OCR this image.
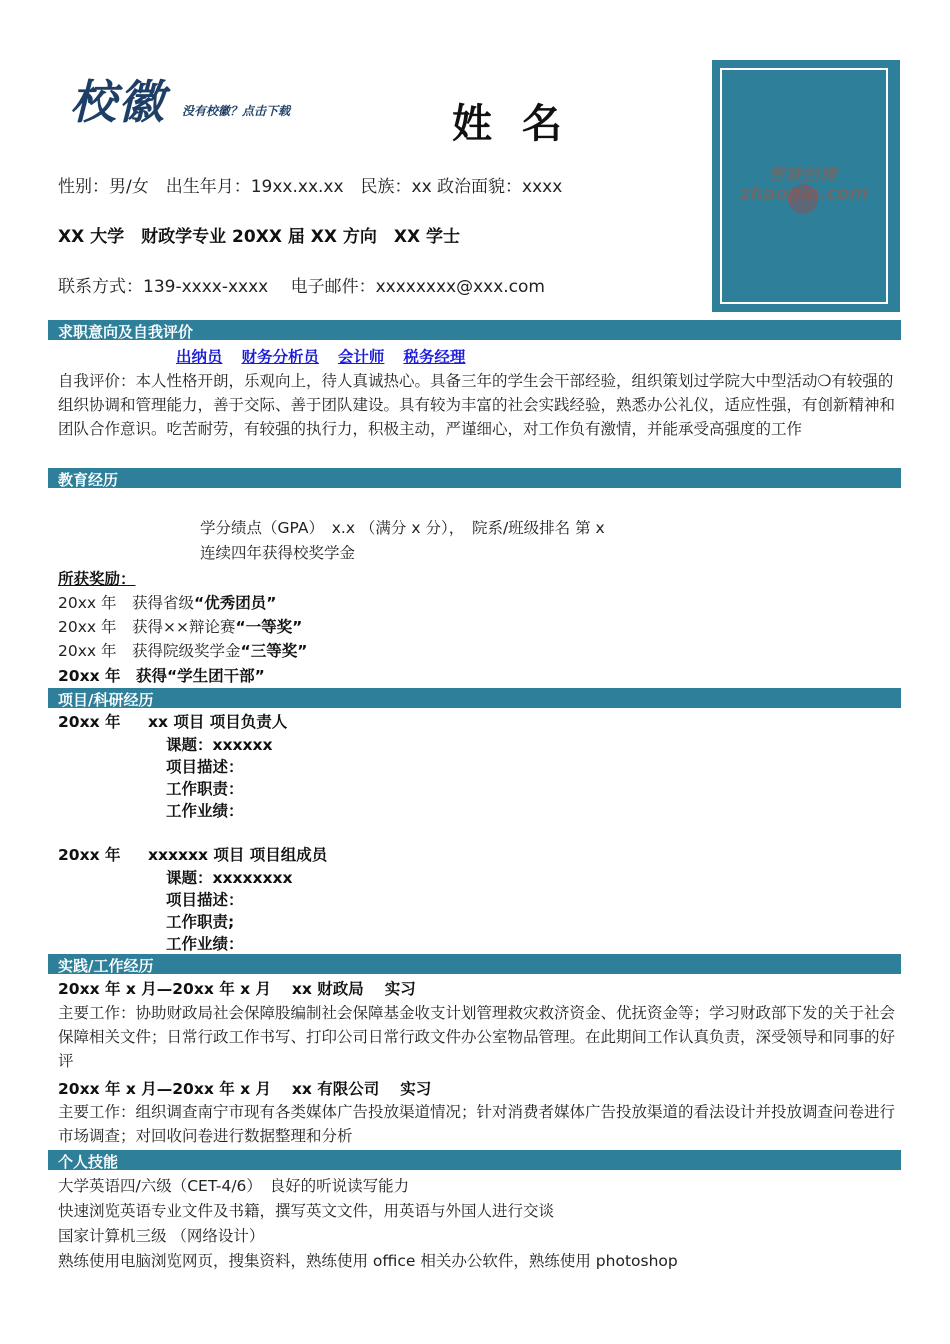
校徽 没有校徽？点击下载	姓 名
性别：男/女　出生年月：19xx.xx.xx　民族：xx 政治面貌：xxxx
XX 大学　财政学专业 20XX 届 XX 方向　XX 学士
联系方式：139-xxxx-xxxx　 电子邮件：xxxxxxxx@xxx.com
智联招聘
zhaopin.com
求职意向及自我评价
出纳员 财务分析员 会计师 税务经理
自我评价：本人性格开朗，乐观向上，待人真诚热心。具备三年的学生会干部经验，组织策划过学院大中型活动❍有较强的组织协调和管理能力，善于交际、善于团队建设。具有较为丰富的社会实践经验，熟悉办公礼仪，适应性强，有创新精神和团队合作意识。吃苦耐劳，有较强的执行力，积极主动，严谨细心，对工作负有激情，并能承受高强度的工作
教育经历
学分绩点（GPA）　x.x （满分 x 分），　院系/班级排名 第 x
连续四年获得校奖学金
所获奖励：
20xx 年　 获得省级“优秀团员”
20xx 年　 获得××辩论赛“一等奖”
20xx 年　 获得院级奖学金“三等奖”
20xx 年　 获得“学生团干部”
项目/科研经历
20xx 年 xx 项目 项目负责人
课题：xxxxxx
项目描述：
工作职责：
工作业绩：
20xx 年 xxxxxx 项目 项目组成员
课题：xxxxxxxx
项目描述：
工作职责;
工作业绩：
实践/工作经历
20xx 年 x 月—20xx 年 x 月　 xx 财政局　 实习
主要工作：协助财政局社会保障股编制社会保障基金收支计划管理救灾救济资金、优抚资金等；学习财政部下发的关于社会保障相关文件；日常行政工作书写、打印公司日常行政文件办公室物品管理。在此期间工作认真负责，深受领导和同事的好评
20xx 年 x 月—20xx 年 x 月　 xx 有限公司　 实习
主要工作：组织调查南宁市现有各类媒体广告投放渠道情况；针对消费者媒体广告投放渠道的看法设计并投放调查问卷进行市场调查；对回收问卷进行数据整理和分析
个人技能
大学英语四/六级（CET-4/6）　良好的听说读写能力
快速浏览英语专业文件及书籍，撰写英文文件，用英语与外国人进行交谈
国家计算机三级 （网络设计）
熟练使用电脑浏览网页，搜集资料，熟练使用 office 相关办公软件，熟练使用 photoshop
